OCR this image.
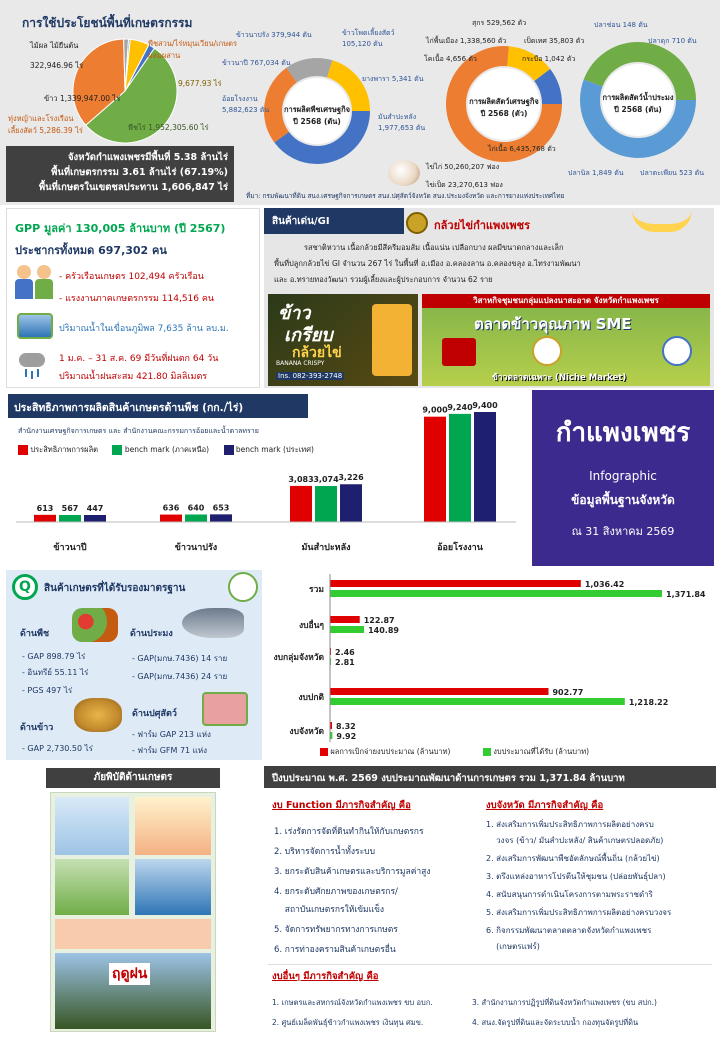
การใช้ประโยชน์พื้นที่เกษตรกรรม
พืชสวน/ไร่หมุนเวียน/เกษตรผสมผสาน
9,677.93 ไร่
ไม้ผล ไม้ยืนต้น
322,946.96 ไร่
ข้าว 1,339,947.00 ไร่
ทุ่งหญ้าและโรงเรือนเลี้ยงสัตว์ 5,286.39 ไร่	พืชไร่ 1,952,305.60 ไร่
จังหวัดกำแพงเพชรมีพื้นที่ 5.38 ล้านไร่
พื้นที่เกษตรกรรม 3.61 ล้านไร่ (67.19%)
พื้นที่เกษตรในเขตชลประทาน 1,606,847 ไร่
การผลิตพืชเศรษฐกิจ
ปี 2568 (ตัน)
ข้าวนาปรัง 379,944 ตัน	ข้าวโพดเลี้ยงสัตว์ 105,120 ตัน
ข้าวนาปี 767,034 ตัน
อ้อยโรงงาน 5,882,623 ตัน
ยางพารา 5,341 ตัน
มันสำปะหลัง 1,977,653 ตัน
การผลิตสัตว์เศรษฐกิจ
ปี 2568 (ตัว)
สุกร 529,562 ตัว
ไก่พื้นเมือง 1,338,560 ตัว	เป็ดเทศ 35,803 ตัว
โคเนื้อ 4,656 ตัว	กระบือ 1,042 ตัว
ไก่เนื้อ 6,435,768 ตัว
ไข่ไก่ 50,260,207 ฟอง
ไข่เป็ด 23,270,613 ฟอง
การผลิตสัตว์น้ำประมง
ปี 2568 (ตัน)
ปลาช่อน 148 ตัน
ปลาดุก 710 ตัน
ปลานิล 1,849 ตัน ปลาตะเพียน 523 ตัน
ที่มา: กรมพัฒนาที่ดิน สนง.เศรษฐกิจการเกษตร สนง.ปศุสัตว์จังหวัด สนง.ประมงจังหวัด และการยางแห่งประเทศไทย
GPP มูลค่า 130,005 ล้านบาท (ปี 2567)
ประชากรทั้งหมด 697,302 คน
- ครัวเรือนเกษตร 102,494 ครัวเรือน
- แรงงานภาคเกษตรกรรม 114,516 คน
ปริมาณน้ำในเขื่อนภูมิพล 7,635 ล้าน ลบ.ม.
1 ม.ค. – 31 ส.ค. 69 มีวันที่ฝนตก 64 วัน
ปริมาณน้ำฝนสะสม 421.80 มิลลิเมตร
สินค้าเด่น/GI	กล้วยไข่กำแพงเพชร
รสชาติหวาน เนื้อกล้วยมีสีครีมอมส้ม เนื้อแน่น เปลือกบาง ผลมีขนาดกลางและเล็ก
พื้นที่ปลูกกล้วยไข่ GI จำนวน 267 ไร่ ในพื้นที่ อ.เมือง อ.คลองลาน อ.คลองขลุง อ.ไทรงามพัฒนา
และ อ.ทรายทองวัฒนา รวมผู้เลี้ยงและผู้ประกอบการ จำนวน 62 ราย
ข้าว
เกรียบ
กล้วยไข่
BANANA CRISPY
Ins. 082-393-2748
วิสาหกิจชุมชนกลุ่มแปลงนาสะอาด จังหวัดกำแพงเพชร
ตลาดข้าวคุณภาพ SME
ข้าวตลาดเฉพาะ (Niche Market)
ประสิทธิภาพการผลิตสินค้าเกษตรด้านพืช (กก./ไร่)
สำนักงานเศรษฐกิจการเกษตร และ สำนักงานคณะกรรมการอ้อยและน้ำตาลทราย
ประสิทธิภาพการผลิต	bench mark (ภาคเหนือ)	bench mark (ประเทศ)
613 567 447
ข้าวนาปี
636 640 653
ข้าวนาปรัง
3,083 3,074 3,226
มันสำปะหลัง
9,000 9,240 9,400
อ้อยโรงงาน
กำแพงเพชร
Infographic
ข้อมูลพื้นฐานจังหวัด
ณ 31 สิงหาคม 2569
Q	สินค้าเกษตรที่ได้รับรองมาตรฐาน
ด้านพืช
- GAP 898.79 ไร่
- อินทรีย์ 55.11 ไร่
- PGS 497 ไร่
ด้านประมง
- GAP(มกษ.7436) 14 ราย
- GAP(มกษ.7436) 24 ราย
ด้านข้าว
- GAP 2,730.50 ไร่
ด้านปศุสัตว์
- ฟาร์ม GAP 213 แห่ง
- ฟาร์ม GFM 71 แห่ง
รวม
1,036.42
1,371.84
งบอื่นๆ
122.87
140.89
งบกลุ่มจังหวัด
2.46
2.81
งบปกติ
902.77
1,218.22
งบจังหวัด
8.32
9.92
ผลการเบิกจ่ายงบประมาณ (ล้านบาท)	งบประมาณที่ได้รับ (ล้านบาท)
ภัยพิบัติด้านเกษตร
ฤดูฝน
ปีงบประมาณ พ.ศ. 2569 งบประมาณพัฒนาด้านการเกษตร รวม 1,371.84 ล้านบาท
งบ Function มีภารกิจสำคัญ คือ
1. เร่งรัดการจัดที่ดินทำกินให้กับเกษตรกร
2. บริหารจัดการน้ำทั้งระบบ
3. ยกระดับสินค้าเกษตรและบริการมูลค่าสูง
4. ยกระดับศักยภาพของเกษตรกร/
สถาบันเกษตรกรให้เข้มแข็ง
5. จัดการทรัพยากรทางการเกษตร
6. การท่าองครามสินค้าเกษตรอื่น
งบจังหวัด มีภารกิจสำคัญ คือ
1. ส่งเสริมการเพิ่มประสิทธิภาพการผลิตอย่างครบ
วงจร (ข้าว/ มันสำปะหลัง/ สินค้าเกษตรปลอดภัย)
2. ส่งเสริมการพัฒนาพืชอัตลักษณ์พื้นถิ่น (กล้วยไข่)
3. ตรึงแหล่งอาหารโปรตีนให้ชุมชน (ปล่อยพันธุ์ปลา)
4. สนับสนุนการดำเนินโครงการตามพระราชดำริ
5. ส่งเสริมการเพิ่มประสิทธิภาพการผลิตอย่างครบวงจร
6. กิจกรรมพัฒนาตลาดตลาดจังหวัดกำแพงเพชร
(เกษตรแฟร์)
งบอื่นๆ มีภารกิจสำคัญ คือ
1. เกษตรและสหกรณ์จังหวัดกำแพงเพชร ขบ อบก.	3. สำนักงานการปฏิรูปที่ดินจังหวัดกำแพงเพชร (ขบ สปก.)
2. ศูนย์เมล็ดพันธุ์ข้าวกำแพงเพชร เงินทุน ศมข.	4. สนง.จัดรูปที่ดินและจัดระบบน้ำ กองทุนจัดรูปที่ดิน
